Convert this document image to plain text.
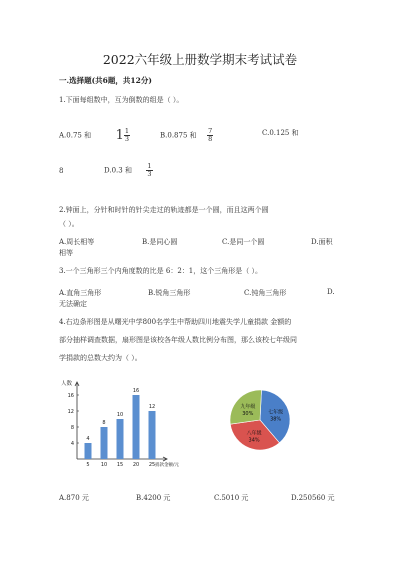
2022六年级上册数学期末考试试卷
一.选择题(共6题，共12分)
1.下面每组数中，互为倒数的组是（ ）。
A.0.75 和 $1 \frac{1}{3}$	B.0.875 和 $\frac{7}{8}$	C.0.125 和
8	D.0.3 和 $\frac{1}{3}$
2.钟面上，分针和时针的针尖走过的轨迹都是一个圆，而且这两个圆
（ ）。
A.周长相等	B.是同心圆	C.是同一个圆	D.面积
相等
3.一个三角形三个内角度数的比是 6：2：1，这个三角形是（ ）。
A.直角三角形	B.锐角三角形	C.钝角三角形	D.
无法确定
4.右边条形图是从曙光中学800名学生中帮助四川地震失学儿童捐款 金额的
部分抽样调查数据，扇形图是该校各年级人数比例分布图，那么该校七年级同
学捐款的总数大约为（ ）。
人数
捐款金额/元
4
8
12
16
4
5
8
10
10
15
16
20
12
25
七年级
38%
八年级
34%
九年级
30%
A.870 元	B.4200 元	C.5010 元	D.250560 元
